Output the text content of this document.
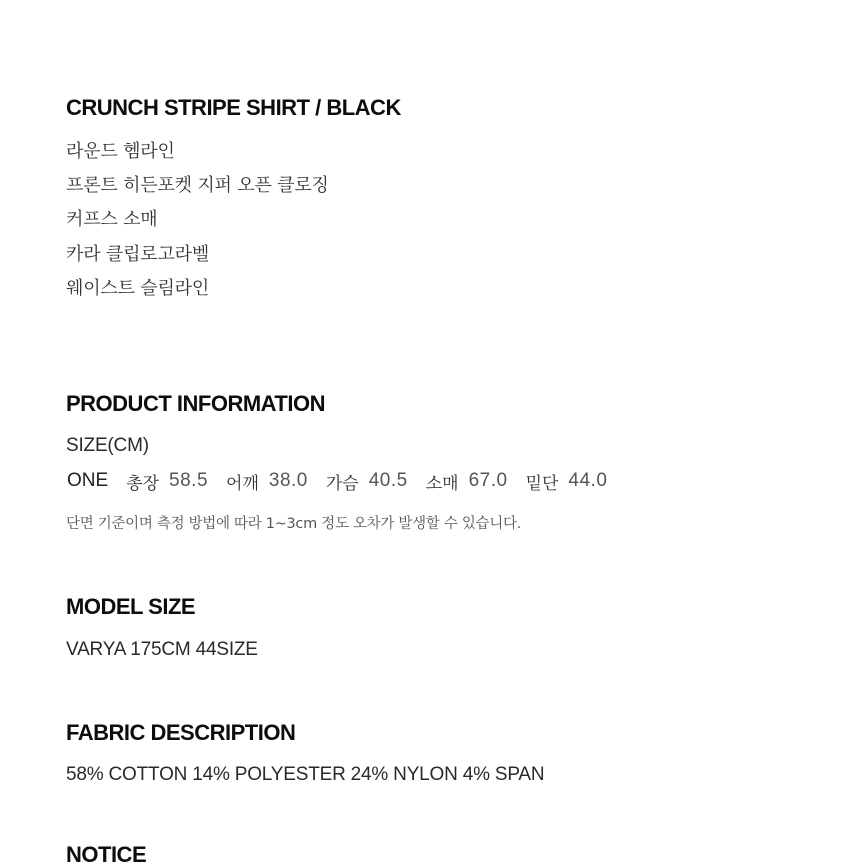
CRUNCH STRIPE SHIRT / BLACK
라운드 헴라인
프론트 히든포켓 지퍼 오픈 클로징
커프스 소매
카라 클립로고라벨
웨이스트 슬림라인
PRODUCT INFORMATION
SIZE(CM)
ONE 총장 58.5 어깨 38.0 가슴 40.5 소매 67.0 밑단 44.0
단면 기준이며 측정 방법에 따라 1~3cm 정도 오차가 발생할 수 있습니다.
MODEL SIZE
VARYA 175CM 44SIZE
FABRIC DESCRIPTION
58% COTTON 14% POLYESTER 24% NYLON 4% SPAN
NOTICE
